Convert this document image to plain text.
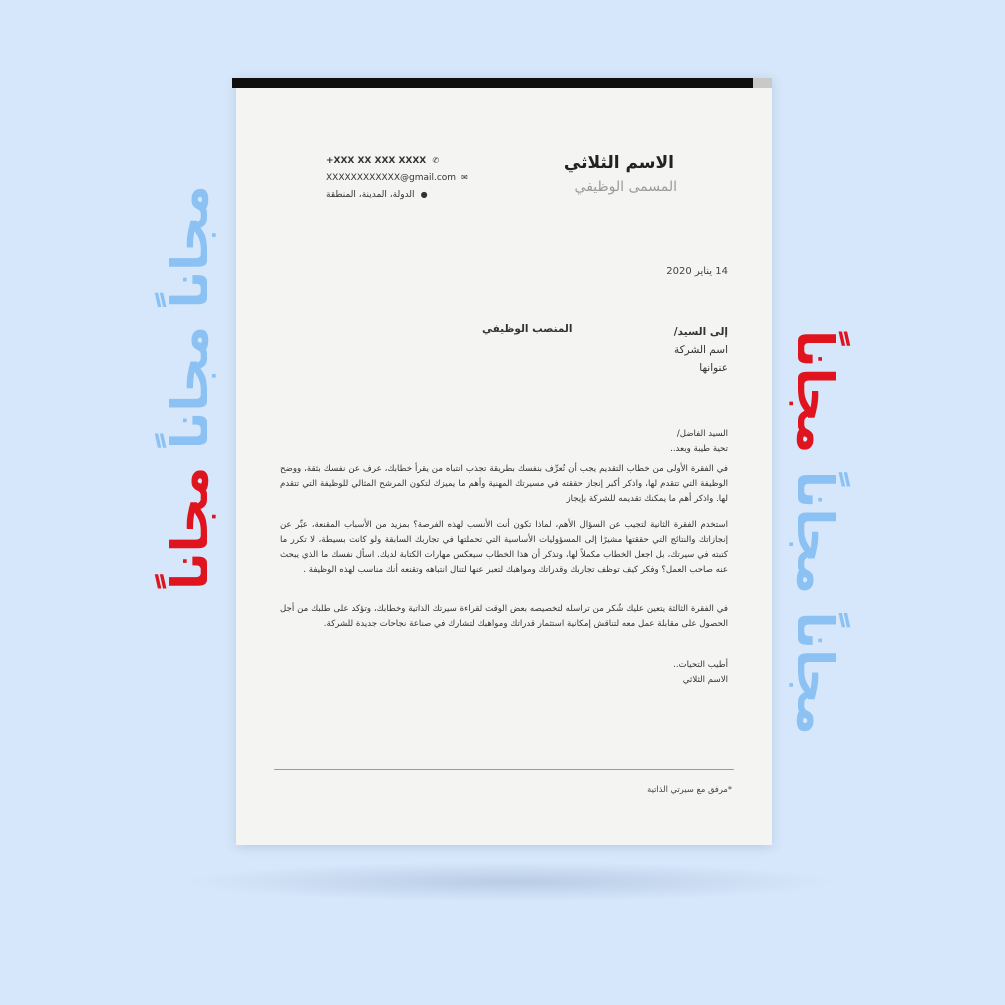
مجاناً مجاناً مجاناً
مجاناً مجاناً مجاناً
الاسم الثلاثي
المسمى الوظيفي
✆
+XXX XX XXX XXXX
✉
XXXXXXXXXXXX@gmail.com
●
الدولة، المدينة، المنطقة
14 يناير 2020
إلى السيد/
اسم الشركة
عنوانها
المنصب الوظيفي
السيد الفاضل/
تحية طيبة وبعد..

في الفقرة الأولى من خطاب التقديم يجب أن تُعرِّف بنفسك بطريقة تجذب انتباه من يقرأ خطابك، عرف عن نفسك بثقة، ووضح الوظيفة التي تتقدم لها، واذكر أكبر إنجاز حققته في مسيرتك المهنية وأهم ما يميزك لتكون المرشح المثالي للوظيفة التي تتقدم لها. واذكر أهم ما يمكنك تقديمه للشركة بإيجاز

استخدم الفقرة الثانية لتجيب عن السؤال الأهم، لماذا تكون أنت الأنسب لهذه الفرصة؟ بمزيد من الأسباب المقنعة، عبِّر عن إنجازاتك والنتائج التي حققتها مشيرًا إلى المسؤوليات الأساسية التي تحملتها في تجاربك السابقة ولو كانت بسيطة، لا تكرر ما كتبته في سيرتك، بل اجعل الخطاب مكملاً لها، وتذكر أن هذا الخطاب سيعكس مهارات الكتابة لديك. اسأل نفسك ما الذي يبحث عنه صاحب العمل؟ وفكر كيف توظف تجاربك وقدراتك ومواهبك لتعبر عنها لتنال انتباهه وتقنعه أنك مناسب لهذه الوظيفة .

في الفقرة الثالثة يتعين عليك شُكر من تراسله لتخصيصه بعض الوقت لقراءة سيرتك الذاتية وخطابك، وتؤكد على طلبك من أجل الحصول على مقابلة عمل معه لتناقش إمكانية استثمار قدراتك ومواهبك لتشارك في صناعة نجاحات جديدة للشركة.

أطيب التحيات..
الاسم الثلاثي
*مرفق مع سيرتي الذاتية
